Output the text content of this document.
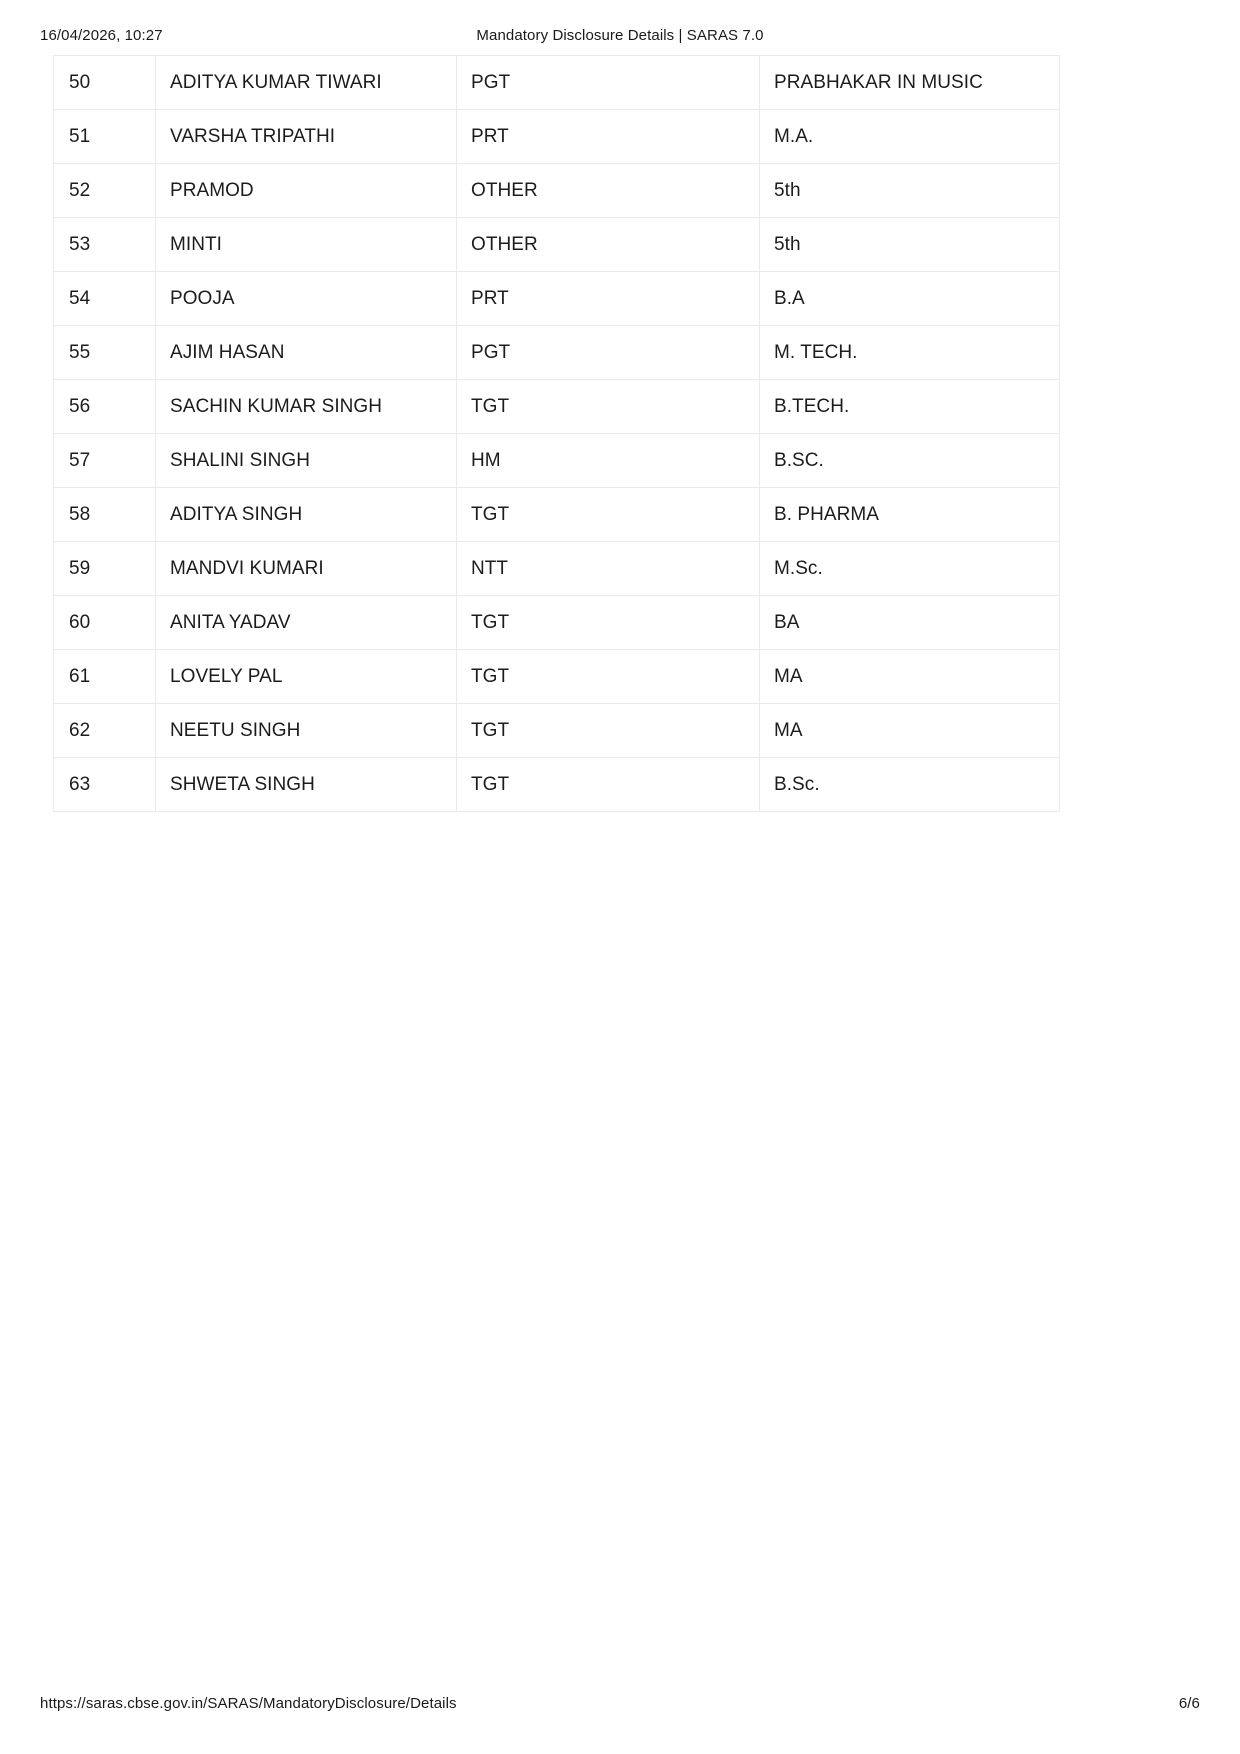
16/04/2026, 10:27	Mandatory Disclosure Details | SARAS 7.0
50	ADITYA KUMAR TIWARI	PGT	PRABHAKAR IN MUSIC
51	VARSHA TRIPATHI	PRT	M.A.
52	PRAMOD	OTHER	5th
53	MINTI	OTHER	5th
54	POOJA	PRT	B.A
55	AJIM HASAN	PGT	M. TECH.
56	SACHIN KUMAR SINGH	TGT	B.TECH.
57	SHALINI SINGH	HM	B.SC.
58	ADITYA SINGH	TGT	B. PHARMA
59	MANDVI KUMARI	NTT	M.Sc.
60	ANITA YADAV	TGT	BA
61	LOVELY PAL	TGT	MA
62	NEETU SINGH	TGT	MA
63	SHWETA SINGH	TGT	B.Sc.
https://saras.cbse.gov.in/SARAS/MandatoryDisclosure/Details	6/6
